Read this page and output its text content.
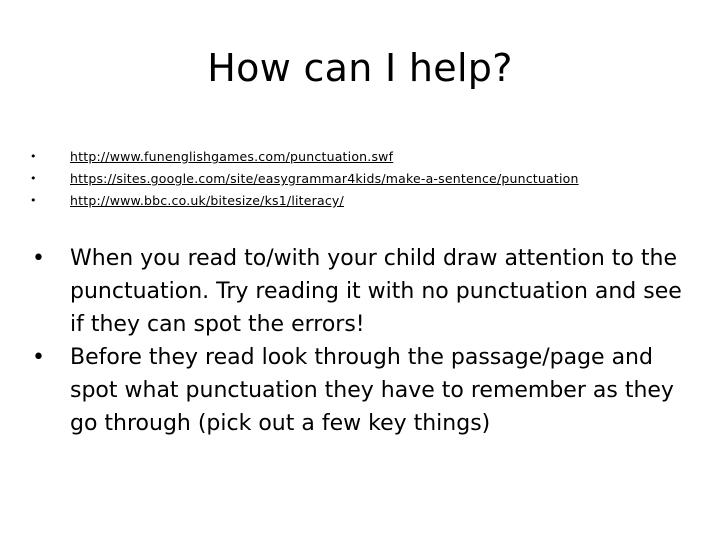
How can I help?
•	http://www.funenglishgames.com/punctuation.swf
•	https://sites.google.com/site/easygrammar4kids/make-a-sentence/punctuation
•	http://www.bbc.co.uk/bitesize/ks1/literacy/
• When you read to/with your child draw attention to the punctuation. Try reading it with no punctuation and see if they can spot the errors!
• Before they read look through the passage/page and spot what punctuation they have to remember as they go through (pick out a few key things)
